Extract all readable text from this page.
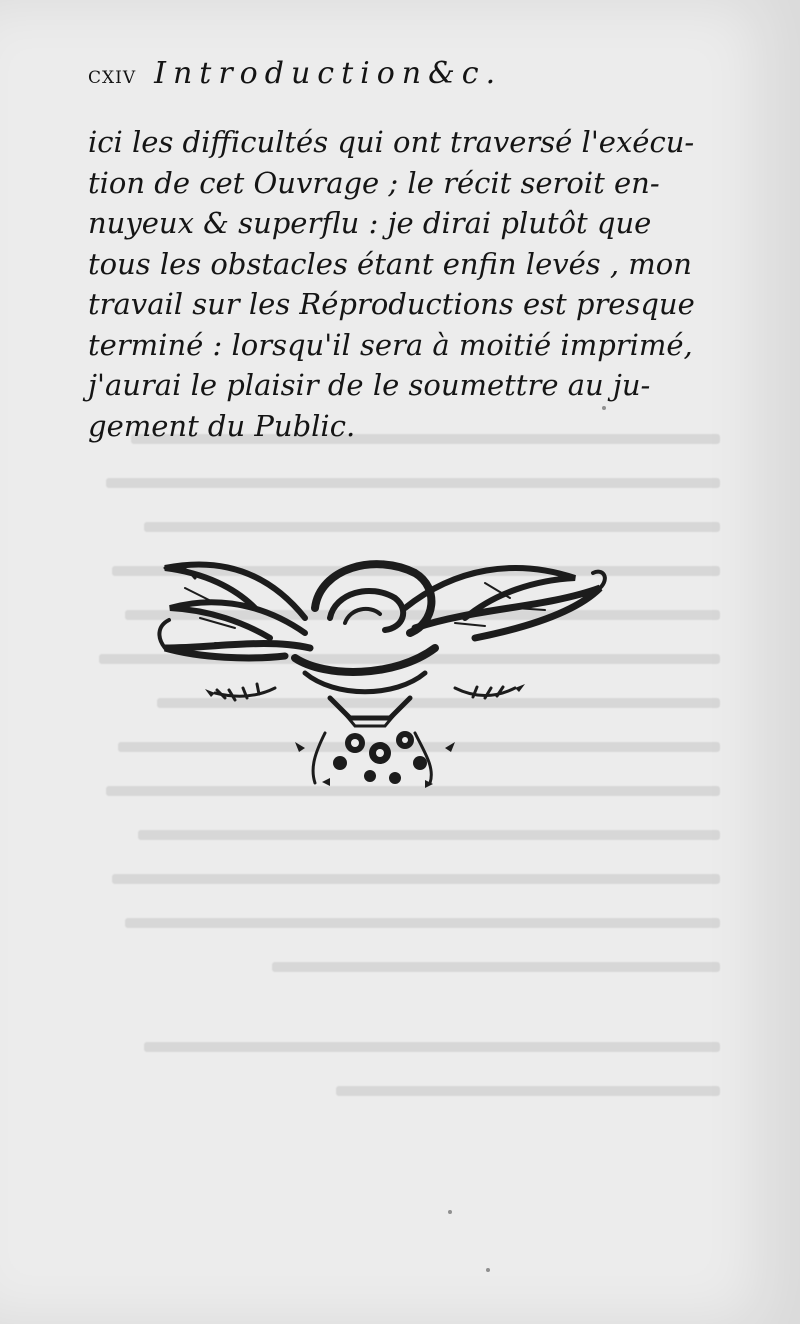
cxiv Introduction&c.
ici les difficultés qui ont traversé l'exécu-
tion de cet Ouvrage ; le récit seroit en-
nuyeux & superflu : je dirai plutôt que
tous les obstacles étant enfin levés , mon
travail sur les Réproductions est presque
terminé : lorsqu'il sera à moitié imprimé,
j'aurai le plaisir de le soumettre au ju-
gement du Public.
